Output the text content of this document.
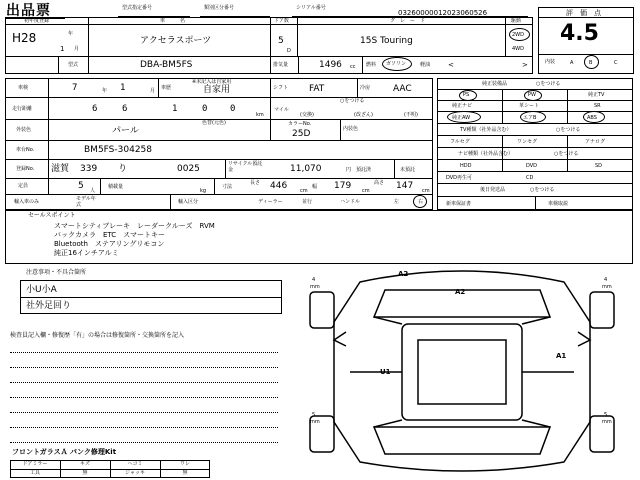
出品票	型式指定番号	類別区分番号	シリアル番号
032600000120230605​26
初年度登録
H28	年
1 月
車　　　名
アクセラスポーツ
ドア数
5
D
グ　レ　ー　ド
15S Touring
駆動
2WD
4WD
型式	DBA-BM5FS	排気量	1496 cc 燃料 ガソリン	軽油	<	>
評　価　点
4.5
内装	A	B	C
車検	7	年 1	月 車歴
※未記入は自家用
自家用	シフト FAT	冷房	AAC
走行距離	6	6	1	0	0
km
○をつける
マイル
(交換)	(改ざん)	(不明)
外装色
色替(元色)
パール
カラーNo.
25D	内装色
車台No.	BM5FS-304258
登録No. 滋賀 339 り	0025	リサイクル預託金	11,070	円 預託済	未預託
定員	5 人
積載量
kg
寸法
長さ 446	cm
幅 179 cm
高さ 147 cm
輸入車のみ	モデル年式	輸入区分	ディーラー	並行	ハンドル	左	右
純正装備品	○をつける
PS	PW	純正TV
純正ナビ	革シート	SR
純正AW	エアB	ABS
TV種類（社外品含む）	○をつける
フルセグ	ワンセグ	アナログ
ナビ種類（社外品含む）	○をつける
HDD	DVD	SD
DVD再生可	CD
後日発送品	○をつける
新車保証書	車検取説
セールスポイント
スマートシティブレーキ　レーダークルーズ　RVM
バックカメラ　ETC　スマートキー
Bluetooth　ステアリングリモコン
純正16インチアルミ
注意事項・不具合箇所
小U小A
社外足回り
検査員記入欄・修復歴「有」の場合は修復箇所・交換箇所を記入
フロントガラスＡ パンク修理Kit
ドアミラー	キズ	ヘコミ	ワレ
工具	無	ジャッキ	無
A2
A2
U1
A1
4
mm
4
mm
5
mm
5
mm
